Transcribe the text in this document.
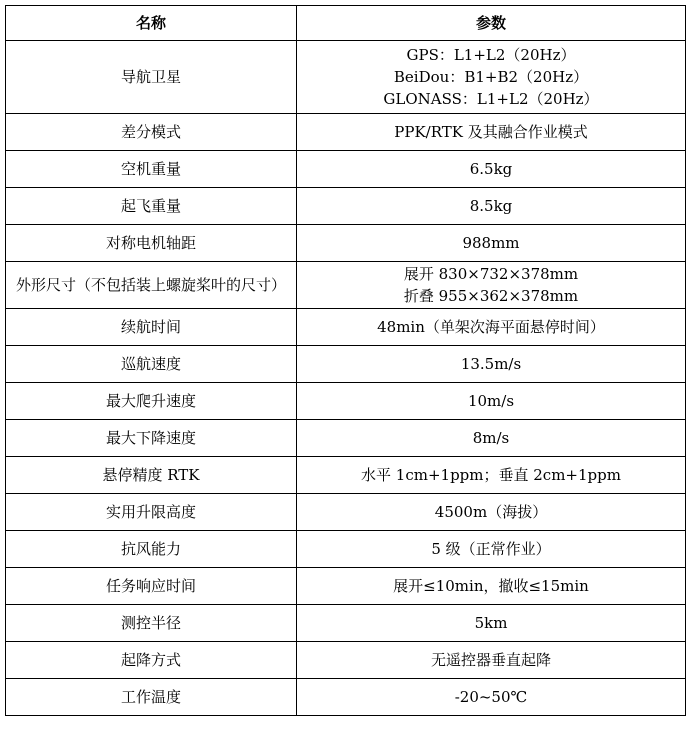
名称	参数
导航卫星	GPS：L1+L2（20Hz）
BeiDou：B1+B2（20Hz）
GLONASS：L1+L2（20Hz）

差分模式	PPK/RTK 及其融合作业模式
空机重量	6.5kg
起飞重量	8.5kg
对称电机轴距	988mm
外形尺寸（不包括装上螺旋桨叶的尺寸）	展开 830×732×378mm
折叠 955×362×378mm

续航时间	48min（单架次海平面悬停时间）
巡航速度	13.5m/s
最大爬升速度	10m/s
最大下降速度	8m/s
悬停精度 RTK	水平 1cm+1ppm；垂直 2cm+1ppm
实用升限高度	4500m（海拔）
抗风能力	5 级（正常作业）
任务响应时间	展开≤10min，撤收≤15min
测控半径	5km
起降方式	无遥控器垂直起降
工作温度	-20~50℃
